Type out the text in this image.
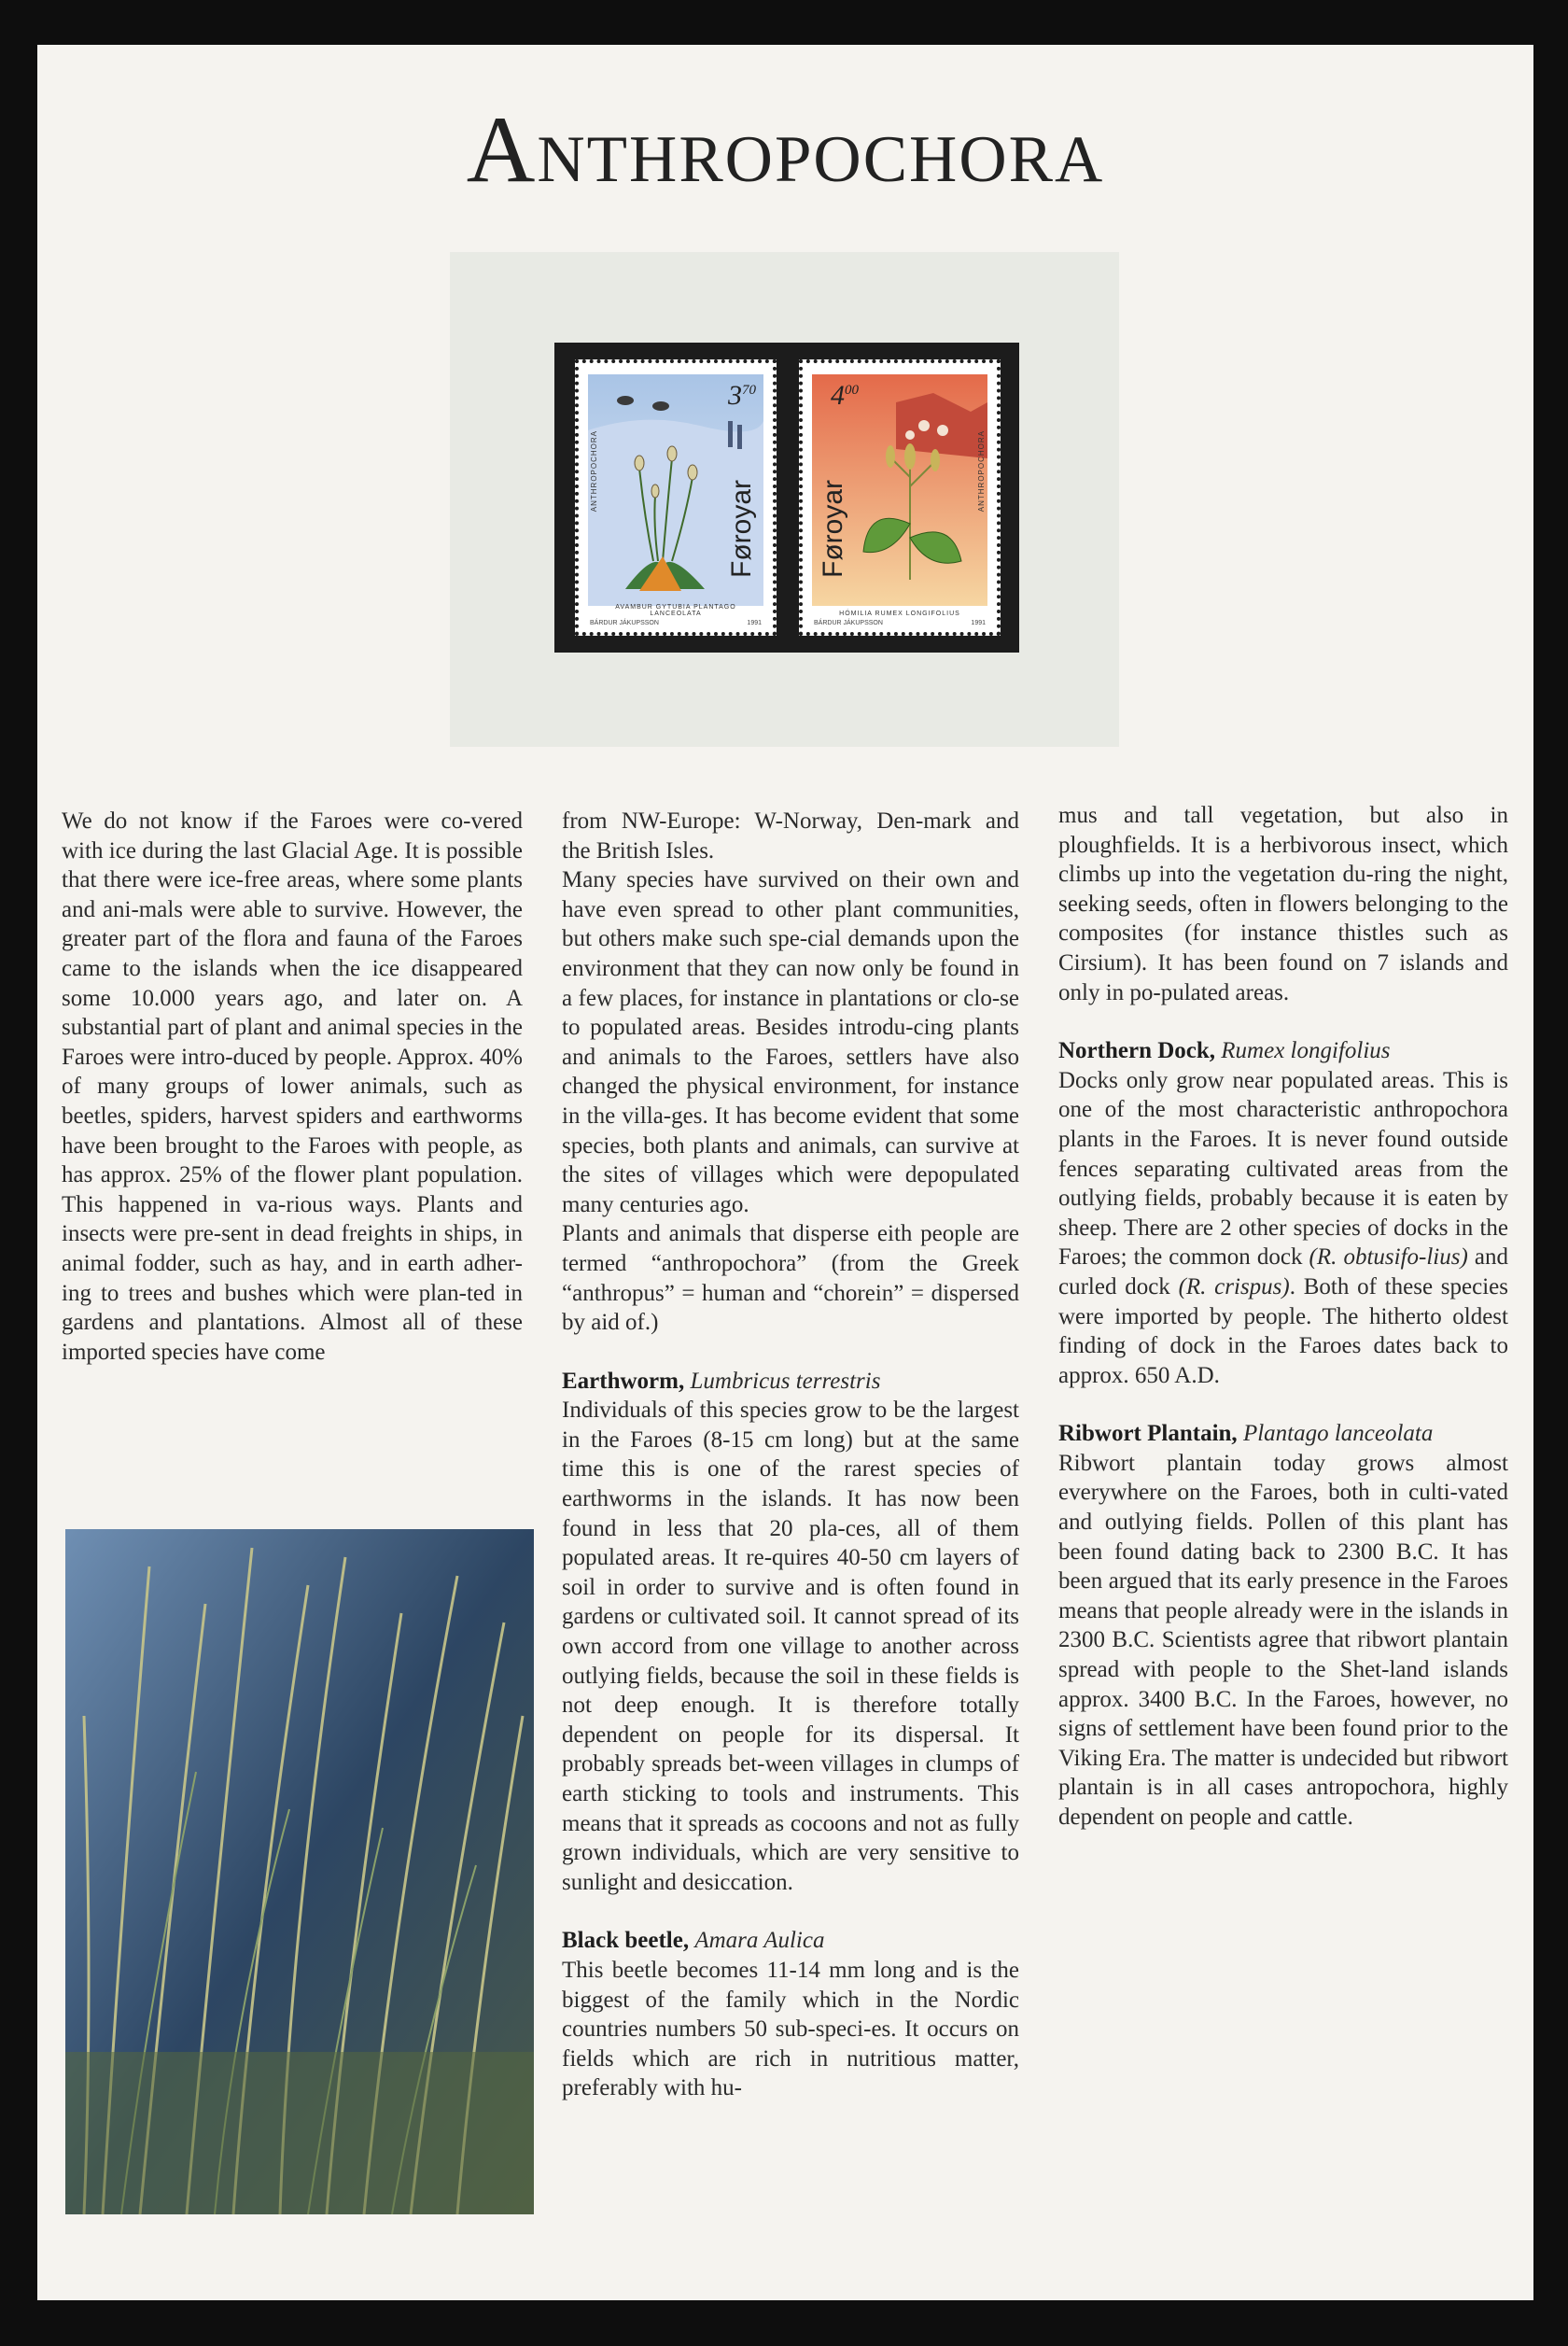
Anthropochora
$3^{70}$
Føroyar
ANTHROPOCHORA
AVAMBUR GYTUBIA PLANTAGO LANCEOLATA
BÁRDUR JÁKUPSSON	1991
$4^{00}$
Føroyar
ANTHROPOCHORA
HÓMILIA RUMEX LONGIFOLIUS
BÁRDUR JÁKUPSSON	1991

We do not know if the Faroes were co-vered with ice during the last Glacial Age. It is possible that there were ice-free areas, where some plants and ani-mals were able to survive. However, the greater part of the flora and fauna of the Faroes came to the islands when the ice disappeared some 10.000 years ago, and later on. A substantial part of plant and animal species in the Faroes were intro-duced by people. Approx. 40% of many groups of lower animals, such as beetles, spiders, harvest spiders and earthworms have been brought to the Faroes with people, as has approx. 25% of the flower plant population. This happened in va-rious ways. Plants and insects were pre-sent in dead freights in ships, in animal fodder, such as hay, and in earth adher-ing to trees and bushes which were plan-ted in gardens and plantations. Almost all of these imported species have come

from NW-Europe: W-Norway, Den-mark and the British Isles.

Many species have survived on their own and have even spread to other plant communities, but others make such spe-cial demands upon the environment that they can now only be found in a few places, for instance in plantations or clo-se to populated areas. Besides introdu-cing plants and animals to the Faroes, settlers have also changed the physical environment, for instance in the villa-ges. It has become evident that some species, both plants and animals, can survive at the sites of villages which were depopulated many centuries ago.

Plants and animals that disperse eith people are termed “anthropochora” (from the Greek “anthropus” = human and “chorein” = dispersed by aid of.)

Earthworm, Lumbricus terrestris

Individuals of this species grow to be the largest in the Faroes (8-15 cm long) but at the same time this is one of the rarest species of earthworms in the islands. It has now been found in less that 20 pla-ces, all of them populated areas. It re-quires 40-50 cm layers of soil in order to survive and is often found in gardens or cultivated soil. It cannot spread of its own accord from one village to another across outlying fields, because the soil in these fields is not deep enough. It is therefore totally dependent on people for its dispersal. It probably spreads bet-ween villages in clumps of earth sticking to tools and instruments. This means that it spreads as cocoons and not as fully grown individuals, which are very sensitive to sunlight and desiccation.

Black beetle, Amara Aulica

This beetle becomes 11-14 mm long and is the biggest of the family which in the Nordic countries numbers 50 sub-speci-es. It occurs on fields which are rich in nutritious matter, preferably with hu-

mus and tall vegetation, but also in ploughfields. It is a herbivorous insect, which climbs up into the vegetation du-ring the night, seeking seeds, often in flowers belonging to the composites (for instance thistles such as Cirsium). It has been found on 7 islands and only in po-pulated areas.

Northern Dock, Rumex longifolius

Docks only grow near populated areas. This is one of the most characteristic anthropochora plants in the Faroes. It is never found outside fences separating cultivated areas from the outlying fields, probably because it is eaten by sheep. There are 2 other species of docks in the Faroes; the common dock (R. obtusifo-lius) and curled dock (R. crispus). Both of these species were imported by people. The hitherto oldest finding of dock in the Faroes dates back to approx. 650 A.D.

Ribwort Plantain, Plantago lanceolata

Ribwort plantain today grows almost everywhere on the Faroes, both in culti-vated and outlying fields. Pollen of this plant has been found dating back to 2300 B.C. It has been argued that its early presence in the Faroes means that people already were in the islands in 2300 B.C. Scientists agree that ribwort plantain spread with people to the Shet-land islands approx. 3400 B.C. In the Faroes, however, no signs of settlement have been found prior to the Viking Era. The matter is undecided but ribwort plantain is in all cases antropochora, highly dependent on people and cattle.
